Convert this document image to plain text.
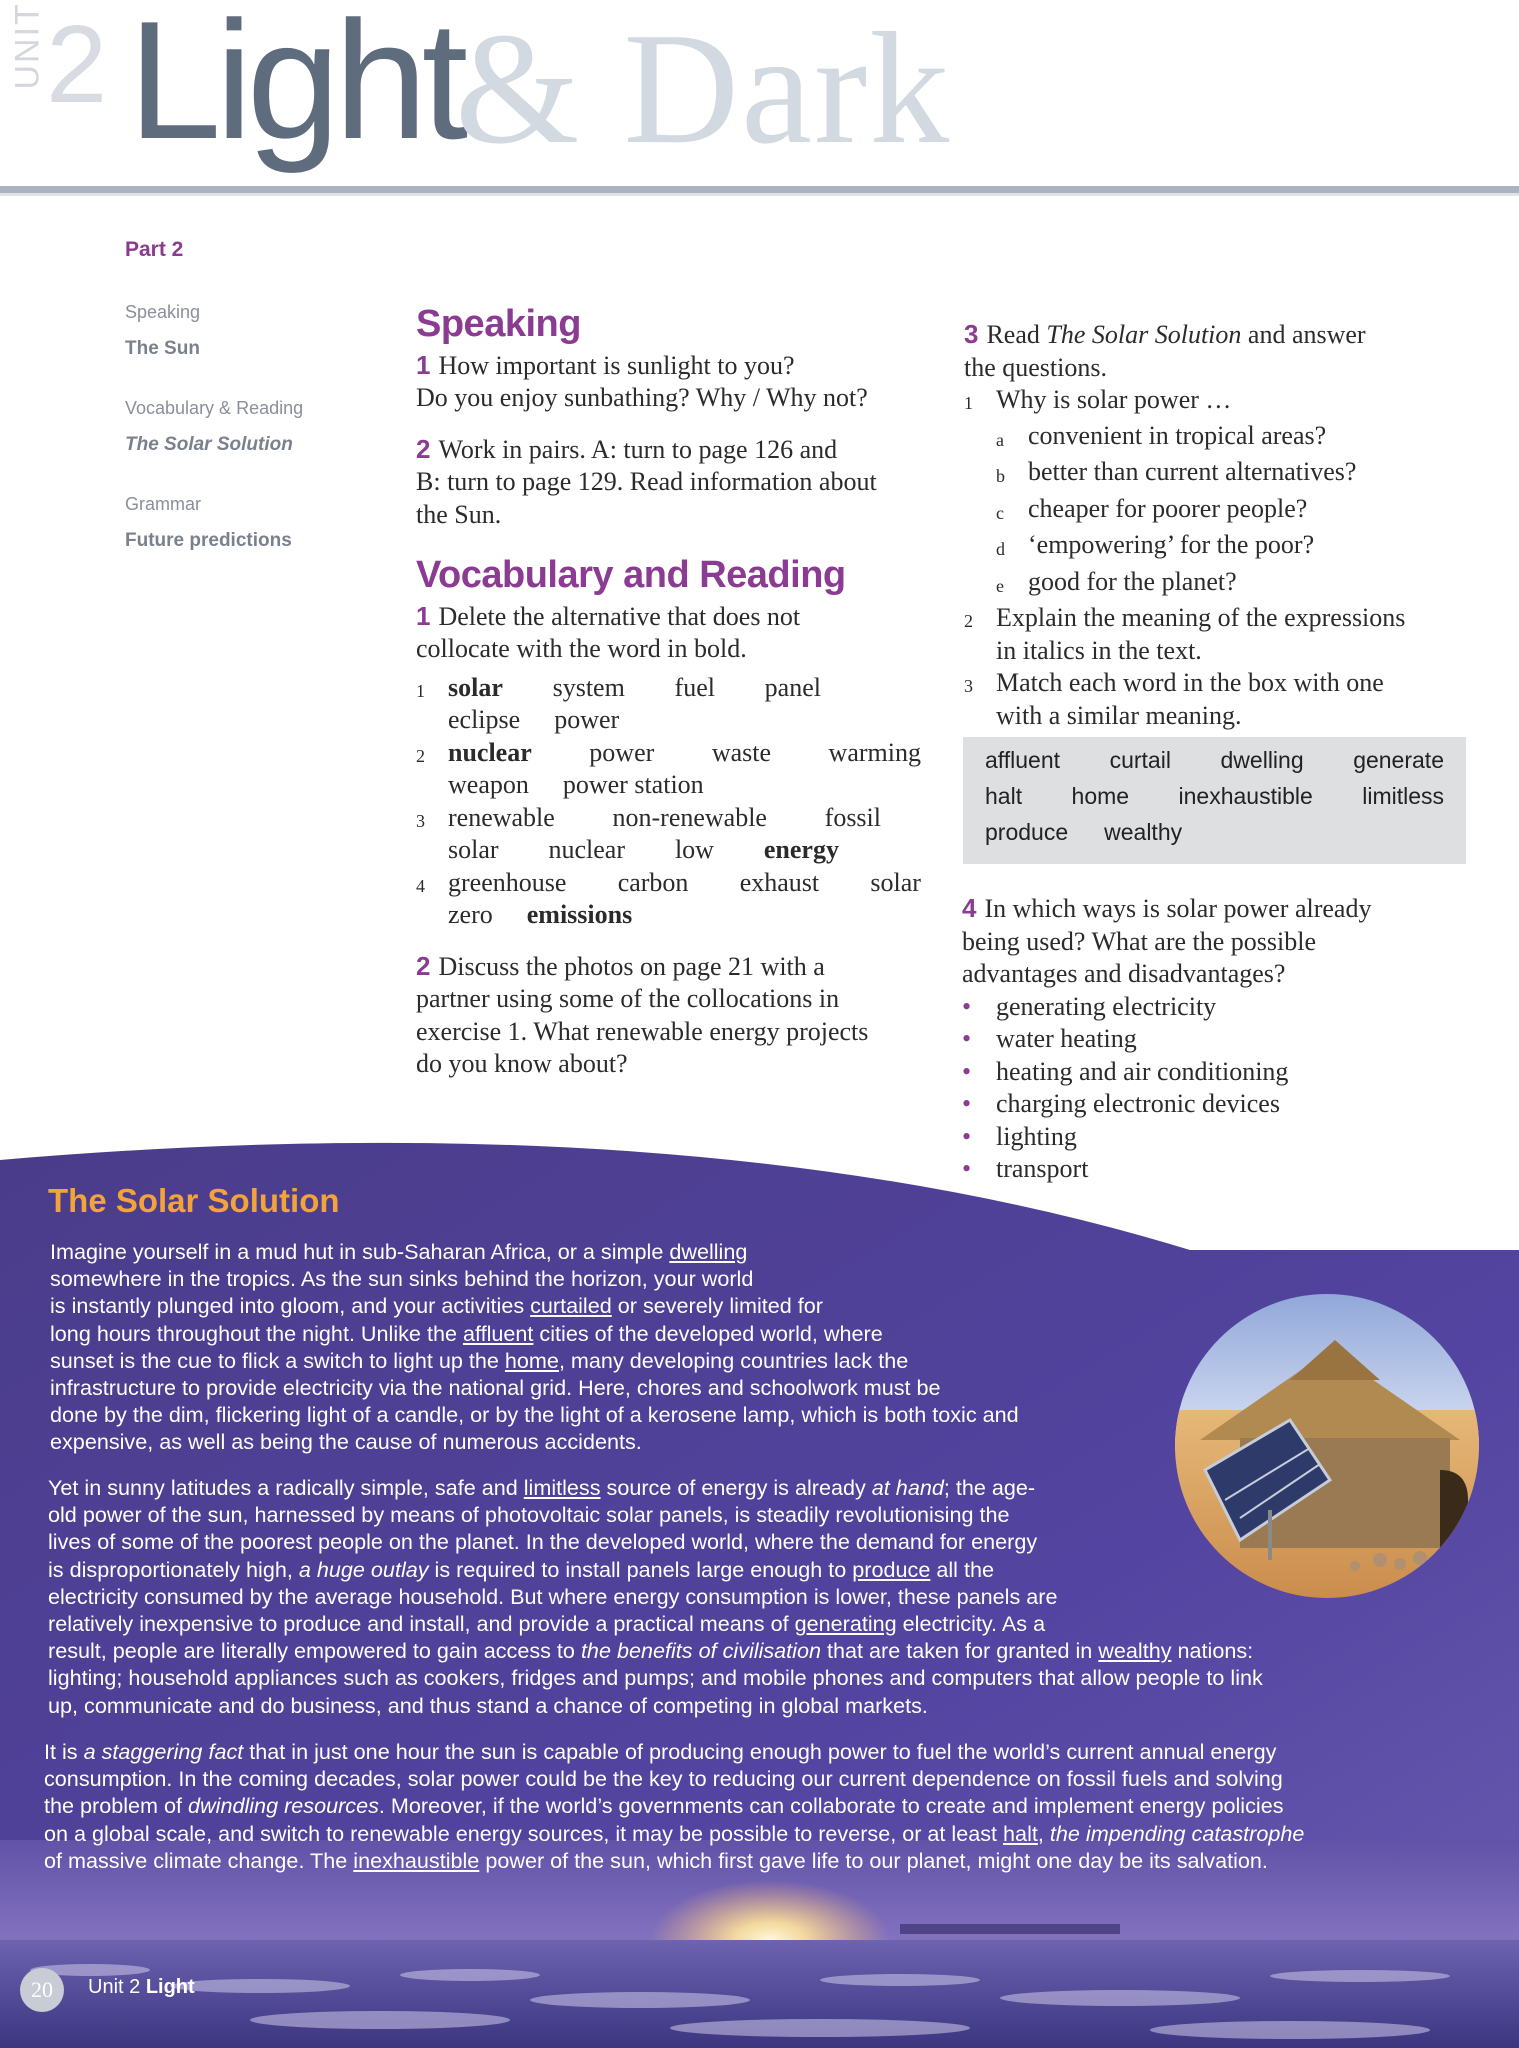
UNIT 2 Light
& Dark
Part 2
Speaking
The Sun
Vocabulary & Reading
The Solar Solution
Grammar
Future predictions
Speaking
1 How important is sunlight to you?
Do you enjoy sunbathing? Why / Why not?
2 Work in pairs. A: turn to page 126 and
B: turn to page 129. Read information about
the Sun.
Vocabulary and Reading
1 Delete the alternative that does not
collocate with the word in bold.
1 solar system fuel panel
eclipse power
2 nuclear power waste warming
weapon power station
3 renewable non-renewable fossil
solar nuclear low energy
4 greenhouse carbon exhaust solar
zero emissions
2 Discuss the photos on page 21 with a
partner using some of the collocations in
exercise 1. What renewable energy projects
do you know about?
3 Read The Solar Solution and answer
the questions.
1 Why is solar power …
a convenient in tropical areas?
b better than current alternatives?
c cheaper for poorer people?
d ‘empowering’ for the poor?
e good for the planet?
2 Explain the meaning of the expressions
in italics in the text.
3 Match each word in the box with one
with a similar meaning.
affluent curtail dwelling generate
halt home inexhaustible limitless
produce wealthy
4 In which ways is solar power already
being used? What are the possible
advantages and disadvantages?
• generating electricity
• water heating
• heating and air conditioning
• charging electronic devices
• lighting
• transport
The Solar Solution
Imagine yourself in a mud hut in sub-Saharan Africa, or a simple dwelling
somewhere in the tropics. As the sun sinks behind the horizon, your world
is instantly plunged into gloom, and your activities curtailed or severely limited for
long hours throughout the night. Unlike the affluent cities of the developed world, where
sunset is the cue to flick a switch to light up the home, many developing countries lack the
infrastructure to provide electricity via the national grid. Here, chores and schoolwork must be
done by the dim, flickering light of a candle, or by the light of a kerosene lamp, which is both toxic and
expensive, as well as being the cause of numerous accidents.
Yet in sunny latitudes a radically simple, safe and limitless source of energy is already at hand; the age-
old power of the sun, harnessed by means of photovoltaic solar panels, is steadily revolutionising the
lives of some of the poorest people on the planet. In the developed world, where the demand for energy
is disproportionately high, a huge outlay is required to install panels large enough to produce all the
electricity consumed by the average household. But where energy consumption is lower, these panels are
relatively inexpensive to produce and install, and provide a practical means of generating electricity. As a
result, people are literally empowered to gain access to the benefits of civilisation that are taken for granted in wealthy nations:
lighting; household appliances such as cookers, fridges and pumps; and mobile phones and computers that allow people to link
up, communicate and do business, and thus stand a chance of competing in global markets.
It is a staggering fact that in just one hour the sun is capable of producing enough power to fuel the world’s current annual energy
consumption. In the coming decades, solar power could be the key to reducing our current dependence on fossil fuels and solving
the problem of dwindling resources. Moreover, if the world’s governments can collaborate to create and implement energy policies
on a global scale, and switch to renewable energy sources, it may be possible to reverse, or at least halt, the impending catastrophe
of massive climate change. The inexhaustible power of the sun, which first gave life to our planet, might one day be its salvation.
20	Unit 2 Light
